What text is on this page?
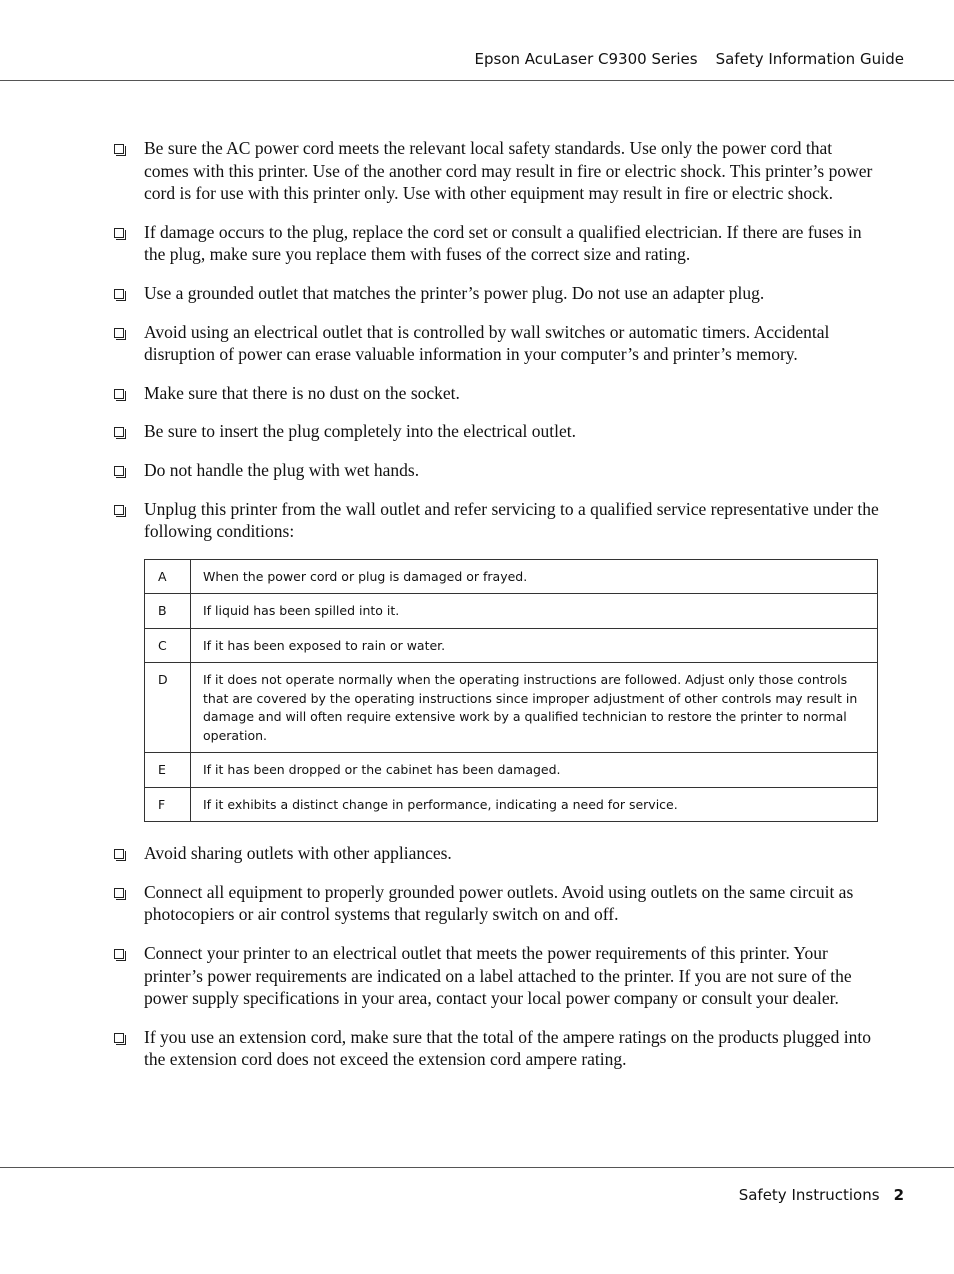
Epson AcuLaser C9300 Series Safety Information Guide
Be sure the AC power cord meets the relevant local safety standards. Use only the power cord that comes with this printer. Use of the another cord may result in fire or electric shock. This printer’s power cord is for use with this printer only. Use with other equipment may result in fire or electric shock.
If damage occurs to the plug, replace the cord set or consult a qualified electrician. If there are fuses in the plug, make sure you replace them with fuses of the correct size and rating.
Use a grounded outlet that matches the printer’s power plug. Do not use an adapter plug.
Avoid using an electrical outlet that is controlled by wall switches or automatic timers. Accidental disruption of power can erase valuable information in your computer’s and printer’s memory.
Make sure that there is no dust on the socket.
Be sure to insert the plug completely into the electrical outlet.
Do not handle the plug with wet hands.
Unplug this printer from the wall outlet and refer servicing to a qualified service representative under the following conditions:
A	When the power cord or plug is damaged or frayed.
B	If liquid has been spilled into it.
C	If it has been exposed to rain or water.
D	If it does not operate normally when the operating instructions are followed. Adjust only those controls that are covered by the operating instructions since improper adjustment of other controls may result in damage and will often require extensive work by a qualified technician to restore the printer to normal operation.
E	If it has been dropped or the cabinet has been damaged.
F	If it exhibits a distinct change in performance, indicating a need for service.
Avoid sharing outlets with other appliances.
Connect all equipment to properly grounded power outlets. Avoid using outlets on the same circuit as photocopiers or air control systems that regularly switch on and off.
Connect your printer to an electrical outlet that meets the power requirements of this printer. Your printer’s power requirements are indicated on a label attached to the printer. If you are not sure of the power supply specifications in your area, contact your local power company or consult your dealer.
If you use an extension cord, make sure that the total of the ampere ratings on the products plugged into the extension cord does not exceed the extension cord ampere rating.
Safety Instructions 2
